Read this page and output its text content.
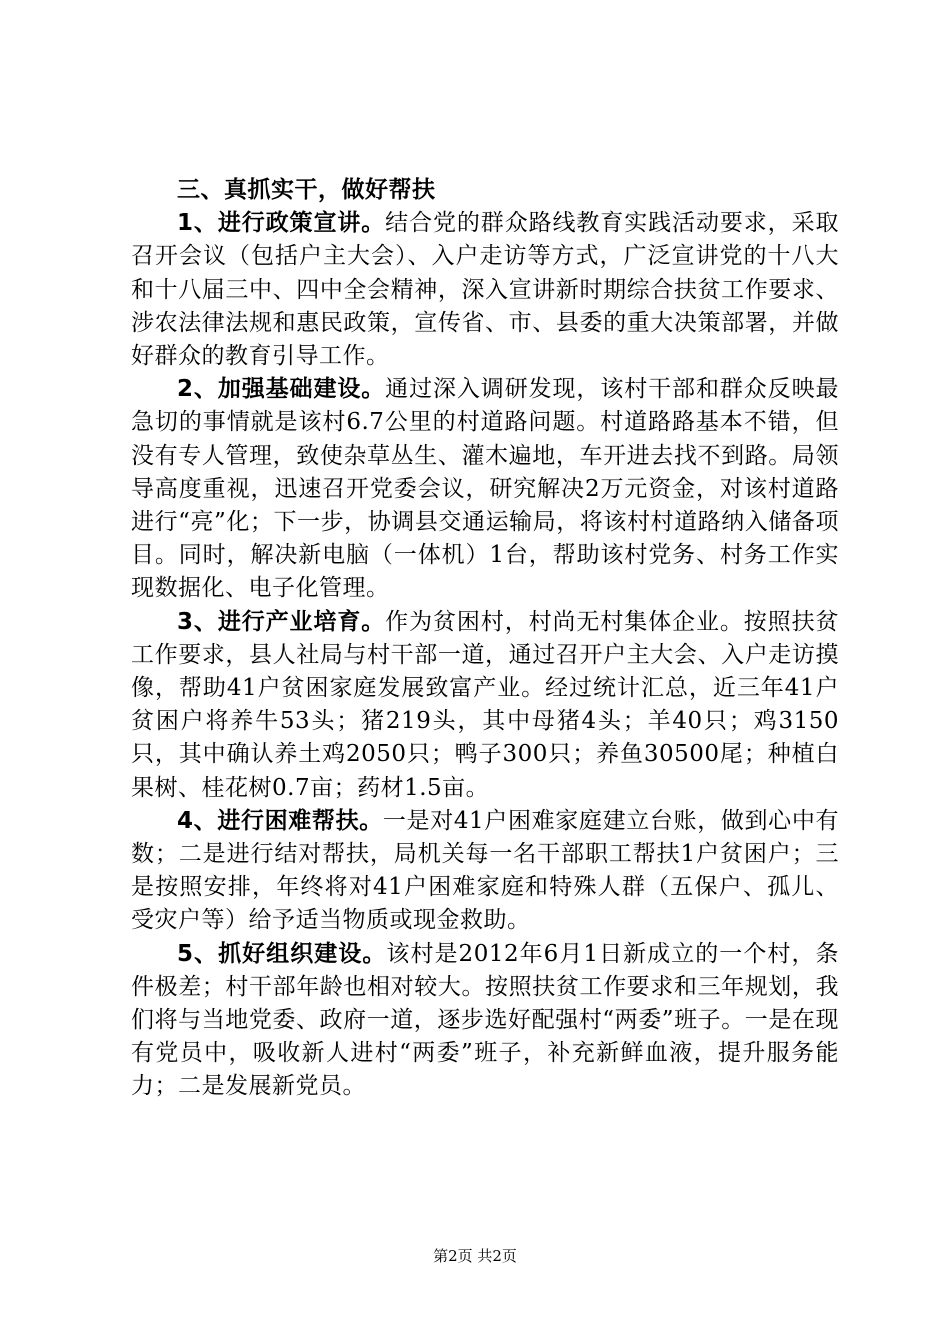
三、真抓实干，做好帮扶

1、进行政策宣讲。结合党的群众路线教育实践活动要求，采取召开会议（包括户主大会）、入户走访等方式，广泛宣讲党的十八大和十八届三中、四中全会精神，深入宣讲新时期综合扶贫工作要求、涉农法律法规和惠民政策，宣传省、市、县委的重大决策部署，并做好群众的教育引导工作。

2、加强基础建设。通过深入调研发现，该村干部和群众反映最急切的事情就是该村6.7公里的村道路问题。村道路路基本不错，但没有专人管理，致使杂草丛生、灌木遍地，车开进去找不到路。局领导高度重视，迅速召开党委会议，研究解决2万元资金，对该村道路进行“亮”化；下一步，协调县交通运输局，将该村村道路纳入储备项目。同时，解决新电脑（一体机）1台，帮助该村党务、村务工作实现数据化、电子化管理。

3、进行产业培育。作为贫困村，村尚无村集体企业。按照扶贫工作要求，县人社局与村干部一道，通过召开户主大会、入户走访摸像，帮助41户贫困家庭发展致富产业。经过统计汇总，近三年41户贫困户将养牛53头；猪219头，其中母猪4头；羊40只；鸡3150只，其中确认养土鸡2050只；鸭子300只；养鱼30500尾；种植白果树、桂花树0.7亩；药材1.5亩。

4、进行困难帮扶。一是对41户困难家庭建立台账，做到心中有数；二是进行结对帮扶，局机关每一名干部职工帮扶1户贫困户；三是按照安排，年终将对41户困难家庭和特殊人群（五保户、孤儿、受灾户等）给予适当物质或现金救助。

5、抓好组织建设。该村是2012年6月1日新成立的一个村，条件极差；村干部年龄也相对较大。按照扶贫工作要求和三年规划，我们将与当地党委、政府一道，逐步选好配强村“两委”班子。一是在现有党员中，吸收新人进村“两委”班子，补充新鲜血液，提升服务能力；二是发展新党员。

第2页 共2页
